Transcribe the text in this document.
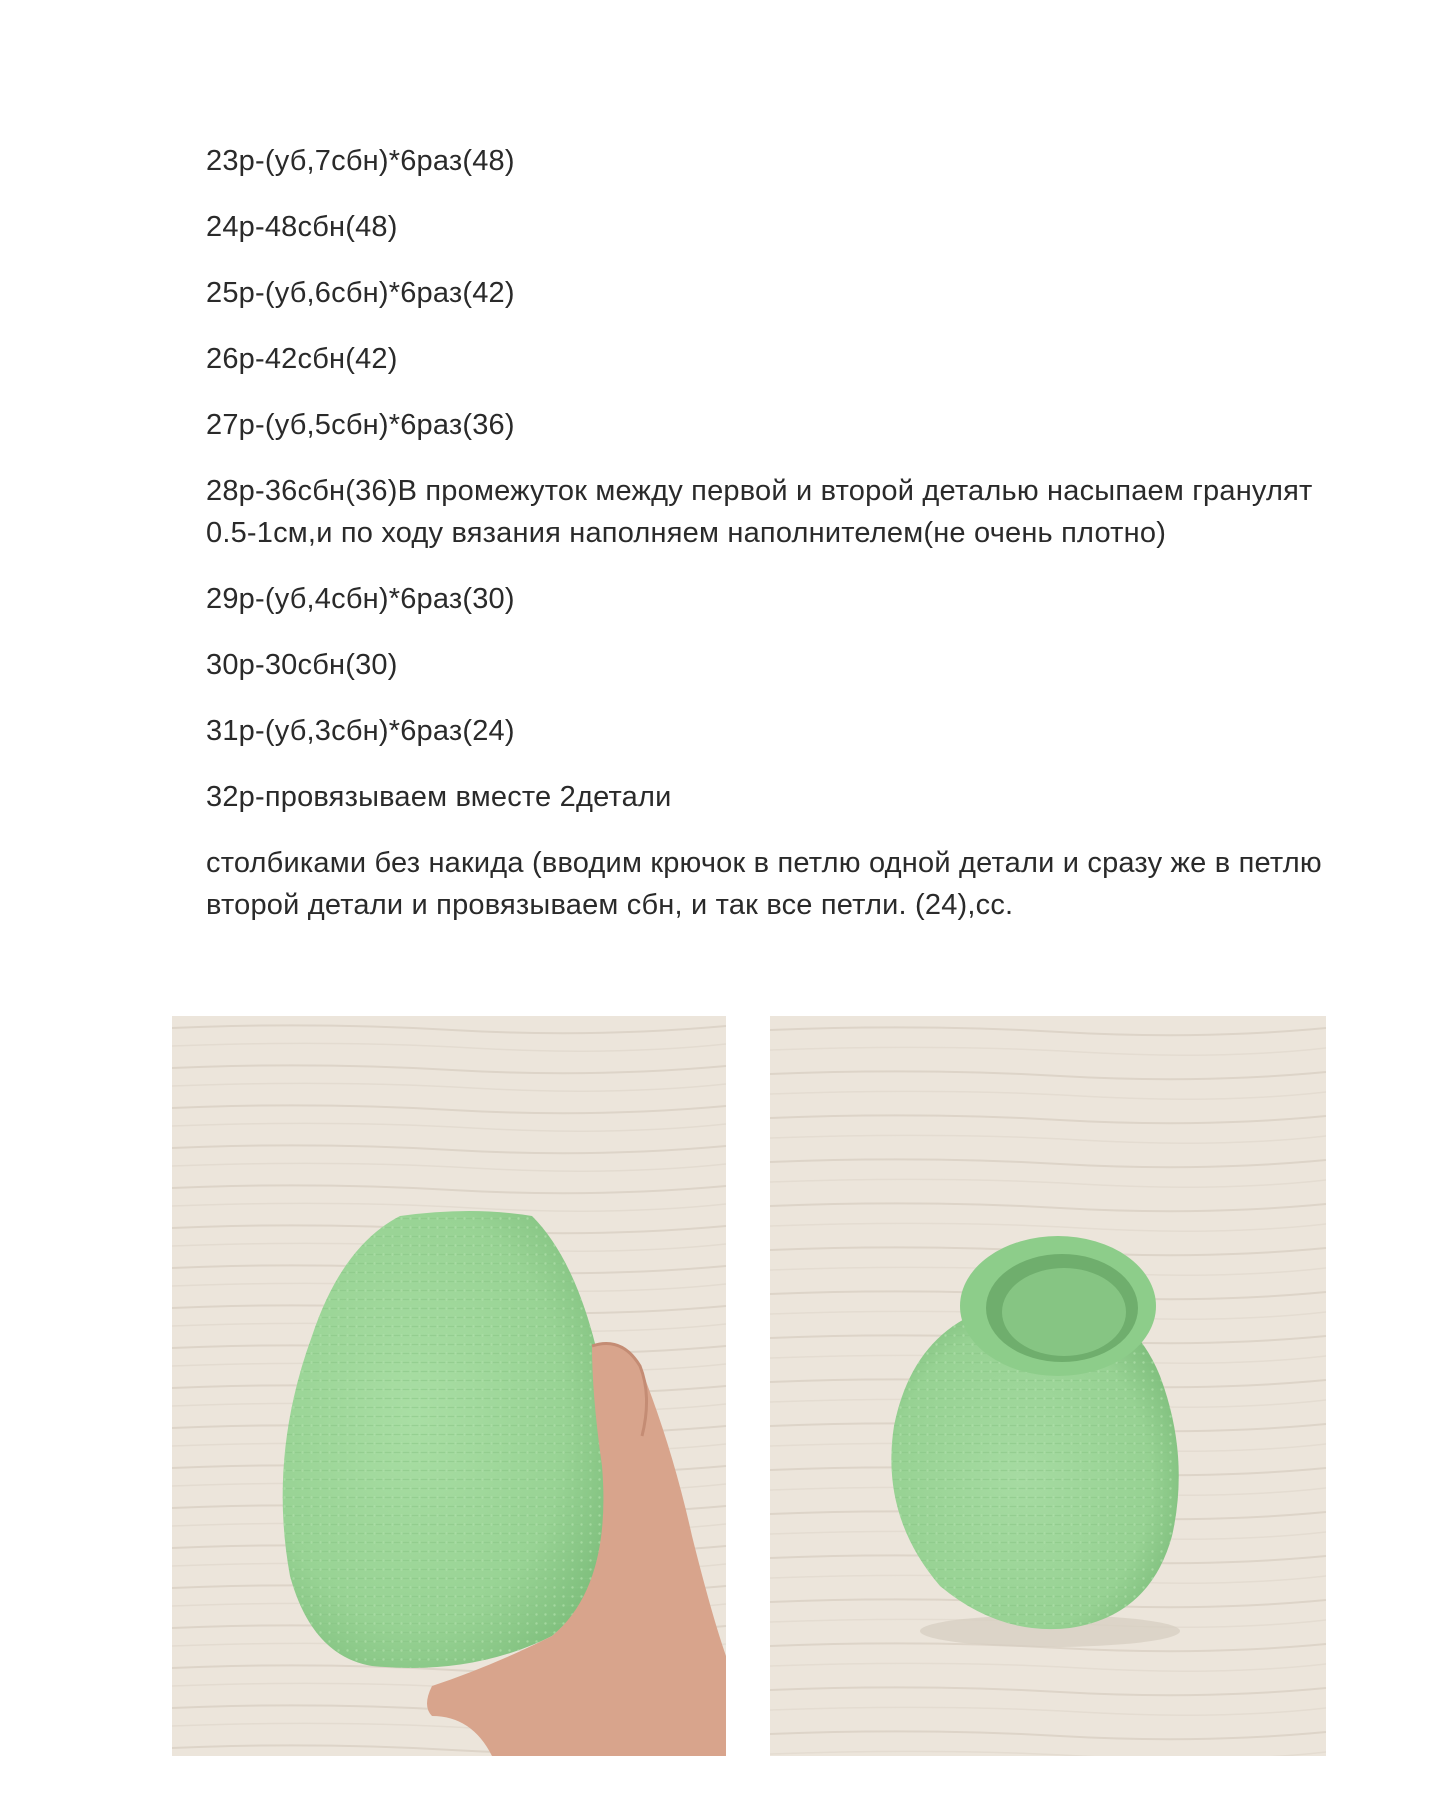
23р-(уб,7сбн)*6раз(48)

24р-48сбн(48)

25р-(уб,6сбн)*6раз(42)

26р-42сбн(42)

27р-(уб,5сбн)*6раз(36)

28р-36сбн(36)В промежуток между первой и второй деталью насыпаем гранулят 0.5-1см,и по ходу вязания наполняем наполнителем(не очень плотно)

29р-(уб,4сбн)*6раз(30)

30р-30сбн(30)

31р-(уб,3сбн)*6раз(24)

32р-провязываем вместе 2детали

столбиками без накида (вводим крючок в петлю одной детали и сразу же в петлю второй детали и провязываем сбн, и так все петли. (24),сс.
